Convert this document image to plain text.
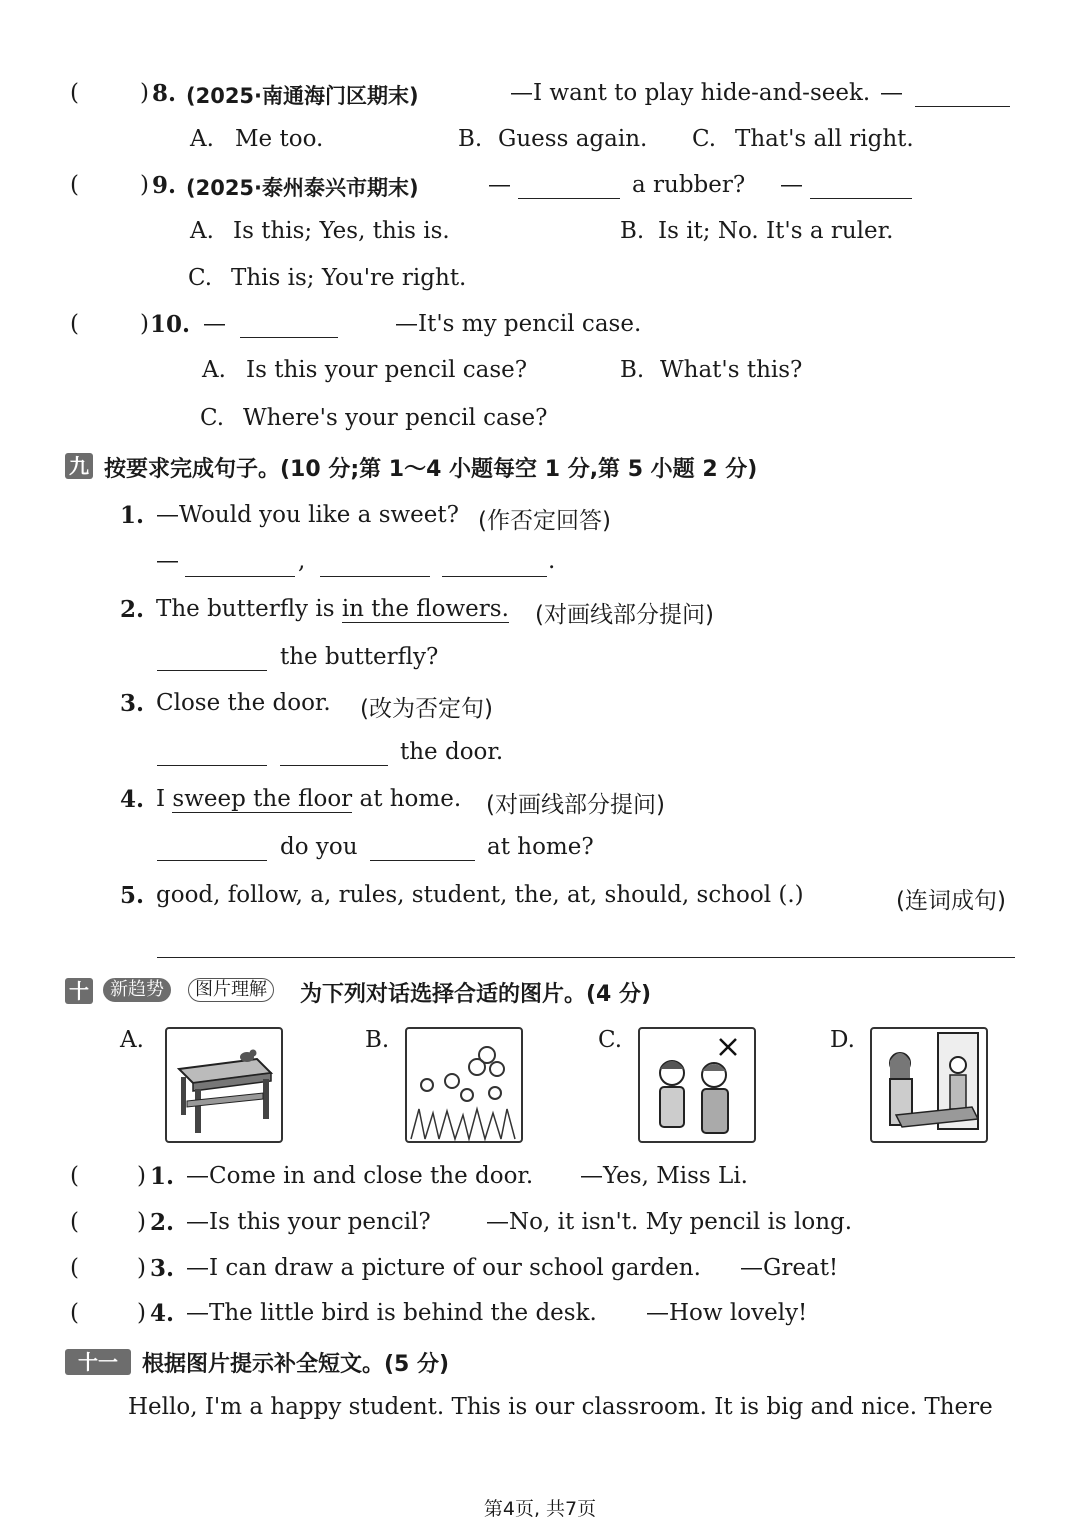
(	) 8. (2025·南通海门区期末)	—I want to play hide-and-seek. —
A. Me too.	B. Guess again. C. That's all right.
(	) 9. (2025·泰州泰兴市期末)	—	a rubber? —
A. Is this; Yes, this is.	B. Is it; No. It's a ruler.
C. This is; You're right.
(	) 10. —	—It's my pencil case.
A. Is this your pencil case?	B. What's this?
C. Where's your pencil case?
九 按要求完成句子。(10 分;第 1～4 小题每空 1 分,第 5 小题 2 分)
1. —Would you like a sweet? (作否定回答)
—	,	.
2. The butterfly is in the flowers. (对画线部分提问)
the butterfly?
3. Close the door. (改为否定句)
the door.
4. I sweep the floor at home. (对画线部分提问)
do you	at home?
5. good, follow, a, rules, student, the, at, should, school (.)	(连词成句)
十	新趋势	图片理解	为下列对话选择合适的图片。(4 分)
A.	B.	C.	D.
(	) 1. —Come in and close the door. —Yes, Miss Li.
(	) 2. —Is this your pencil? —No, it isn't. My pencil is long.
(	) 3. —I can draw a picture of our school garden. —Great!
(	) 4. —The little bird is behind the desk. —How lovely!
十一	根据图片提示补全短文。(5 分)
Hello, I'm a happy student. This is our classroom. It is big and nice. There
第4页, 共7页
